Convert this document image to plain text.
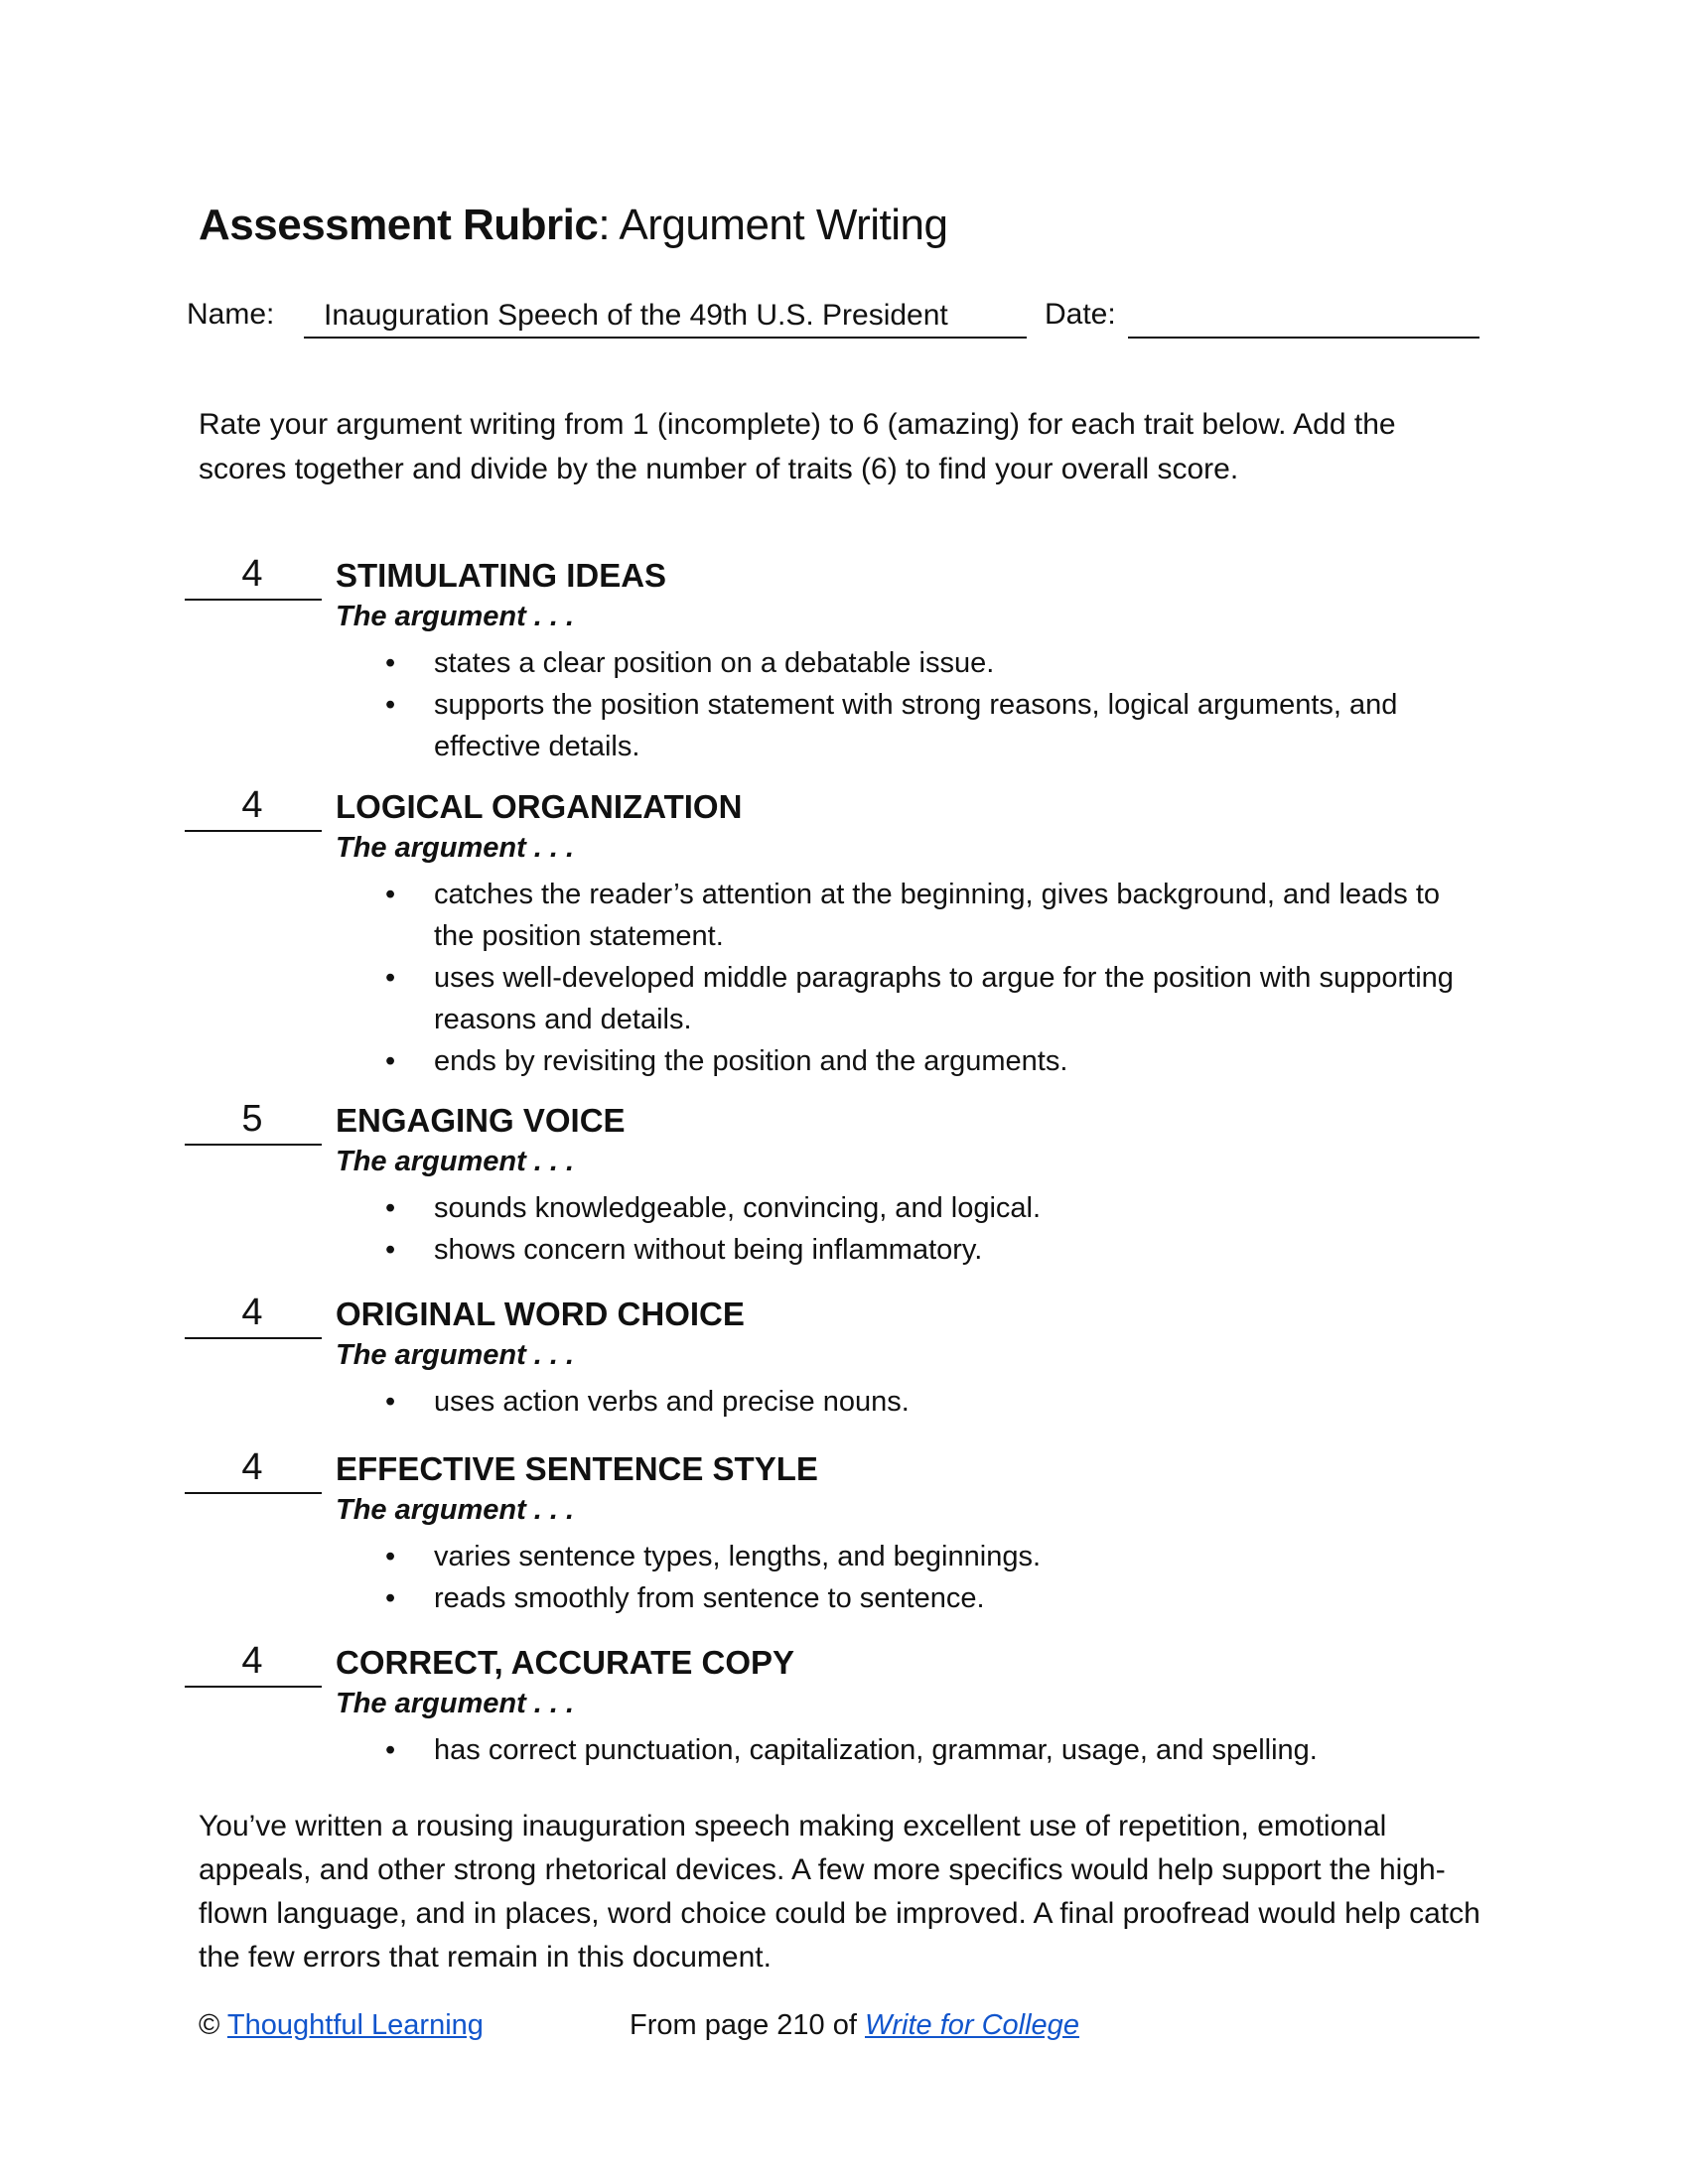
Assessment Rubric: Argument Writing
Name: Inauguration Speech of the 49th U.S. President	Date:
Rate your argument writing from 1 (incomplete) to 6 (amazing) for each trait below. Add the scores together and divide by the number of traits (6) to find your overall score.
4	STIMULATING IDEAS
The argument . . .
• states a clear position on a debatable issue.
• supports the position statement with strong reasons, logical arguments, and effective details.
4	LOGICAL ORGANIZATION
The argument . . .
• catches the reader’s attention at the beginning, gives background, and leads to the position statement.
• uses well-developed middle paragraphs to argue for the position with supporting reasons and details.
• ends by revisiting the position and the arguments.
5	ENGAGING VOICE
The argument . . .
• sounds knowledgeable, convincing, and logical.
• shows concern without being inflammatory.
4	ORIGINAL WORD CHOICE
The argument . . .
• uses action verbs and precise nouns.
4	EFFECTIVE SENTENCE STYLE
The argument . . .
• varies sentence types, lengths, and beginnings.
• reads smoothly from sentence to sentence.
4	CORRECT, ACCURATE COPY
The argument . . .
• has correct punctuation, capitalization, grammar, usage, and spelling.
You’ve written a rousing inauguration speech making excellent use of repetition, emotional appeals, and other strong rhetorical devices. A few more specifics would help support the high-flown language, and in places, word choice could be improved. A final proofread would help catch the few errors that remain in this document.
© Thoughtful Learning	From page 210 of Write for College
